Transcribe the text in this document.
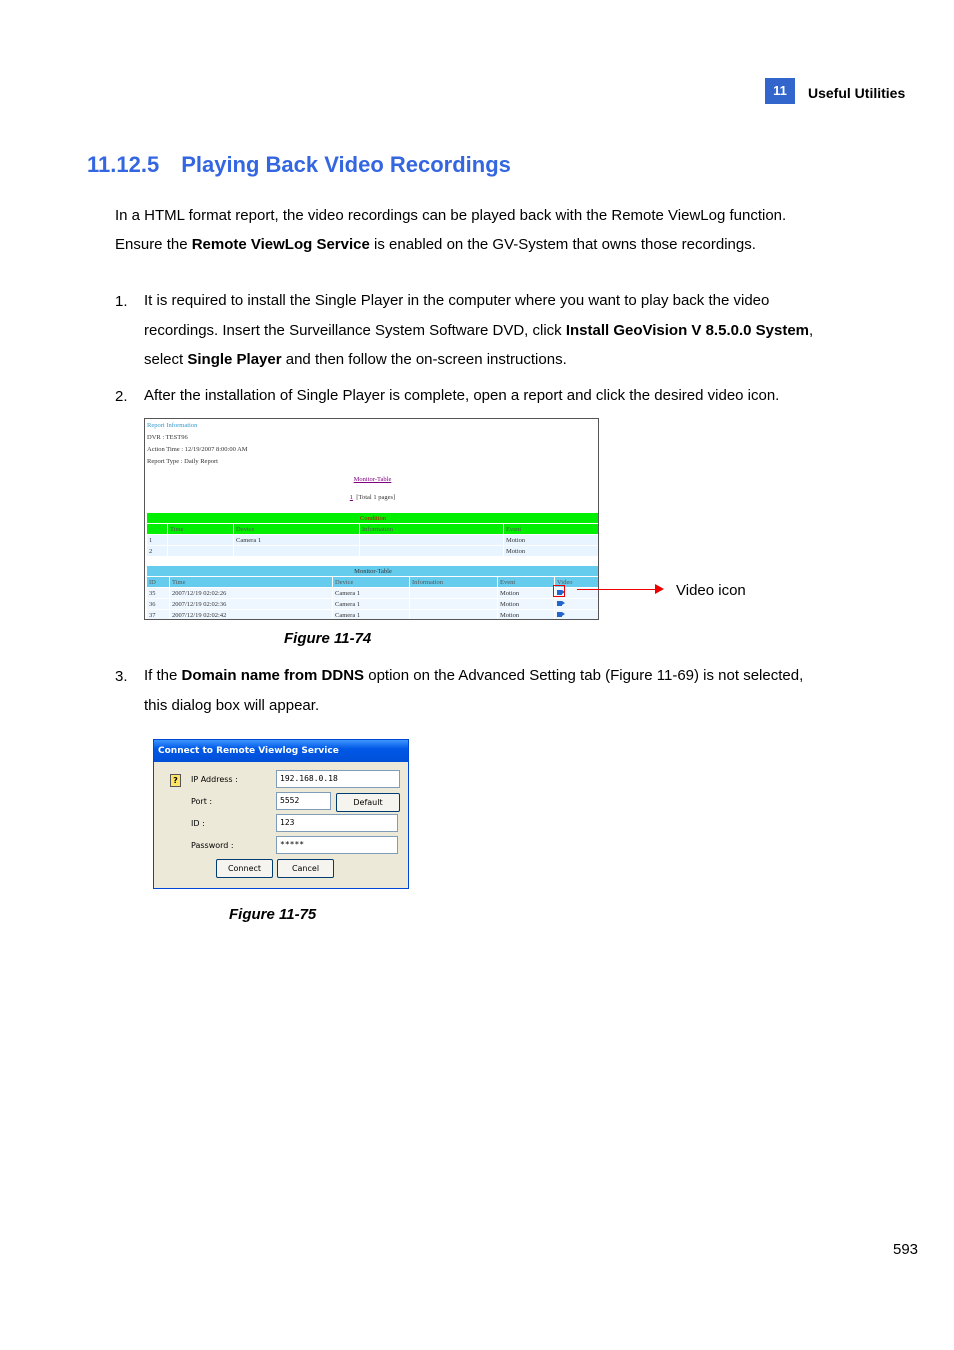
11	Useful Utilities
11.12.5 Playing Back Video Recordings
In a HTML format report, the video recordings can be played back with the Remote ViewLog function.
Ensure the Remote ViewLog Service is enabled on the GV-System that owns those recordings.
1. It is required to install the Single Player in the computer where you want to play back the video recordings. Insert the Surveillance System Software DVD, click Install GeoVision V 8.5.0.0 System, select Single Player and then follow the on-screen instructions.
2. After the installation of Single Player is complete, open a report and click the desired video icon.
Report Information
DVR : TEST96
Action Time : 12/19/2007 8:00:00 AM
Report Type : Daily Report
Monitor-Table
1 [Total 1 pages]
Condition				
	Time	Device	Information	Event
1		Camera 1		Motion
2				Motion
Monitor-Table					
ID	Time	Device	Information	Event	Video
35	2007/12/19 02:02:26	Camera 1		Motion	
36	2007/12/19 02:02:36	Camera 1		Motion	
37	2007/12/19 02:02:42	Camera 1		Motion	
Video icon
Figure 11-74
3. If the Domain name from DDNS option on the Advanced Setting tab (Figure 11-69) is not selected, this dialog box will appear.
Connect to Remote Viewlog Service
?	IP Address :	192.168.0.18
Port :	5552	Default
ID :	123
Password :	*****
Connect	Cancel
Figure 11-75
593
